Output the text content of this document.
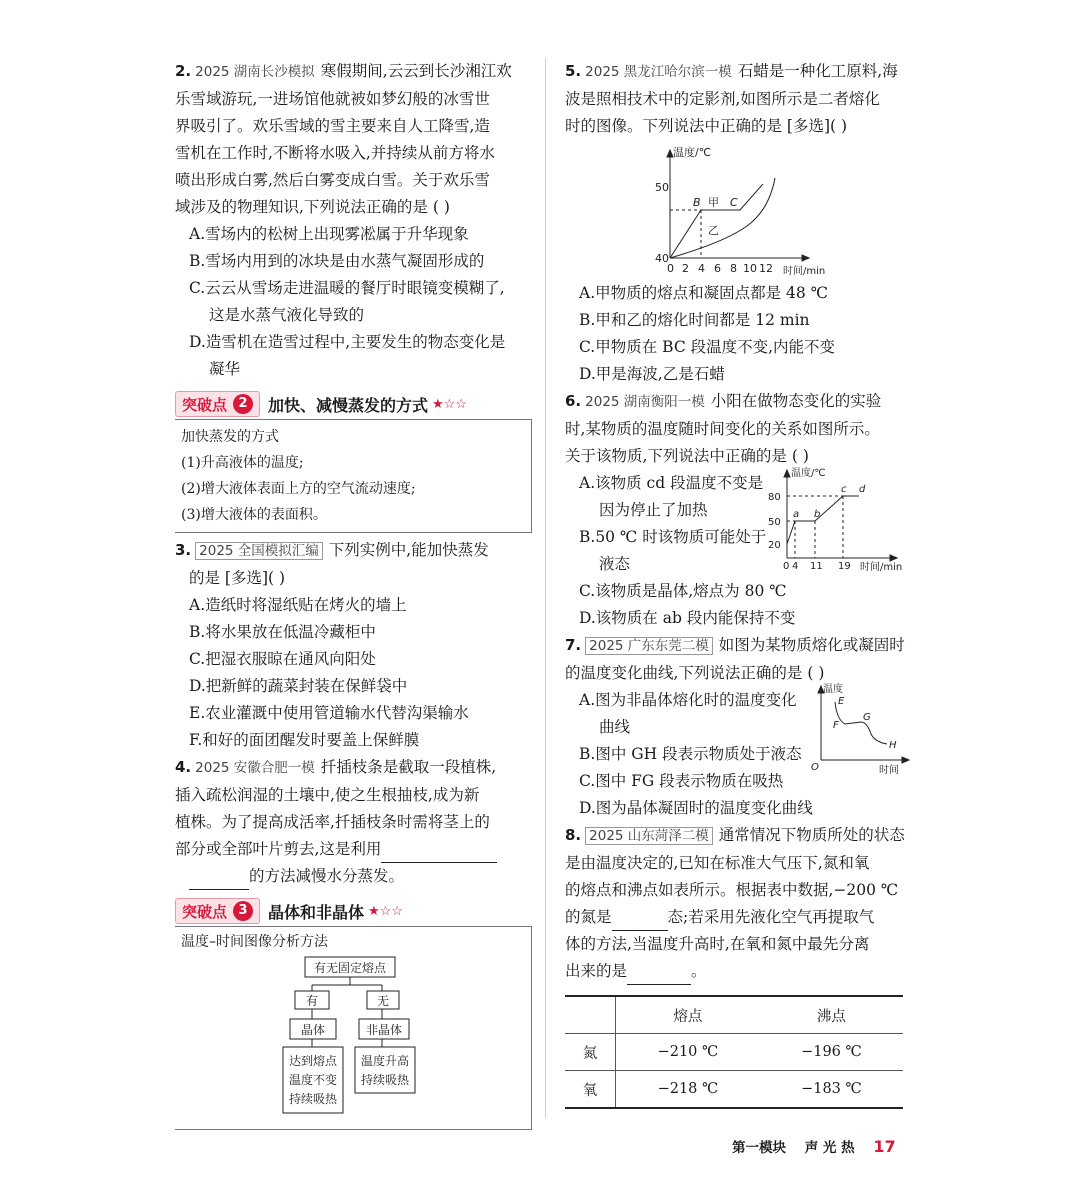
2. 2025 湖南长沙模拟 寒假期间,云云到长沙湘江欢
乐雪域游玩,一进场馆他就被如梦幻般的冰雪世
界吸引了。欢乐雪域的雪主要来自人工降雪,造
雪机在工作时,不断将水吸入,并持续从前方将水
喷出形成白雾,然后白雾变成白雪。关于欢乐雪
域涉及的物理知识,下列说法正确的是 ( )
A.雪场内的松树上出现雾凇属于升华现象
B.雪场内用到的冰块是由水蒸气凝固形成的
C.云云从雪场走进温暖的餐厅时眼镜变模糊了,
这是水蒸气液化导致的
D.造雪机在造雪过程中,主要发生的物态变化是
凝华
突破点 2	加快、减慢蒸发的方式 ★☆☆
加快蒸发的方式
(1)升高液体的温度;
(2)增大液体表面上方的空气流动速度;
(3)增大液体的表面积。
3. 2025 全国模拟汇编 下列实例中,能加快蒸发
的是 [多选]( )
A.造纸时将湿纸贴在烤火的墙上
B.将水果放在低温冷藏柜中
C.把湿衣服晾在通风向阳处
D.把新鲜的蔬菜封装在保鲜袋中
E.农业灌溉中使用管道输水代替沟渠输水
F.和好的面团醒发时要盖上保鲜膜
4. 2025 安徽合肥一模 扦插枝条是截取一段植株,
插入疏松润湿的土壤中,使之生根抽枝,成为新
植株。为了提高成活率,扦插枝条时需将茎上的
部分或全部叶片剪去,这是利用
的方法减慢水分蒸发。
突破点 3	晶体和非晶体 ★☆☆
温度–时间图像分析方法
有无固定熔点
有	无
晶体	非晶体
达到熔点
温度不变
持续吸热
温度升高
持续吸热
5. 2025 黑龙江哈尔滨一模 石蜡是一种化工原料,海
波是照相技术中的定影剂,如图所示是二者熔化
时的图像。下列说法中正确的是 [多选]( )
温度/℃
时间/min
50
40
0 2 4 6 8 10 12
B 甲 C
乙
A.甲物质的熔点和凝固点都是 48 ℃
B.甲和乙的熔化时间都是 12 min
C.甲物质在 BC 段温度不变,内能不变
D.甲是海波,乙是石蜡
6. 2025 湖南衡阳一模 小阳在做物态变化的实验
时,某物质的温度随时间变化的关系如图所示。
关于该物质,下列说法中正确的是 ( )
A.该物质 cd 段温度不变是
因为停止了加热
B.50 ℃ 时该物质可能处于
液态
C.该物质是晶体,熔点为 80 ℃
D.该物质在 ab 段内能保持不变
温度/℃
时间/min
80
50
20
0 4 11 19
a b
c d
7. 2025 广东东莞二模 如图为某物质熔化或凝固时
的温度变化曲线,下列说法正确的是 ( )
A.图为非晶体熔化时的温度变化
曲线
B.图中 GH 段表示物质处于液态
C.图中 FG 段表示物质在吸热
D.图为晶体凝固时的温度变化曲线
温度
时间
O
E
F
G
H
8. 2025 山东菏泽二模 通常情况下物质所处的状态
是由温度决定的,已知在标准大气压下,氮和氧
的熔点和沸点如表所示。根据表中数据,−200 ℃
的氮是	态;若采用先液化空气再提取气
体的方法,当温度升高时,在氧和氮中最先分离
出来的是	。
	熔点	沸点
氮	−210 ℃	−196 ℃
氧	−218 ℃	−183 ℃
第一模块 声 光 热 17
